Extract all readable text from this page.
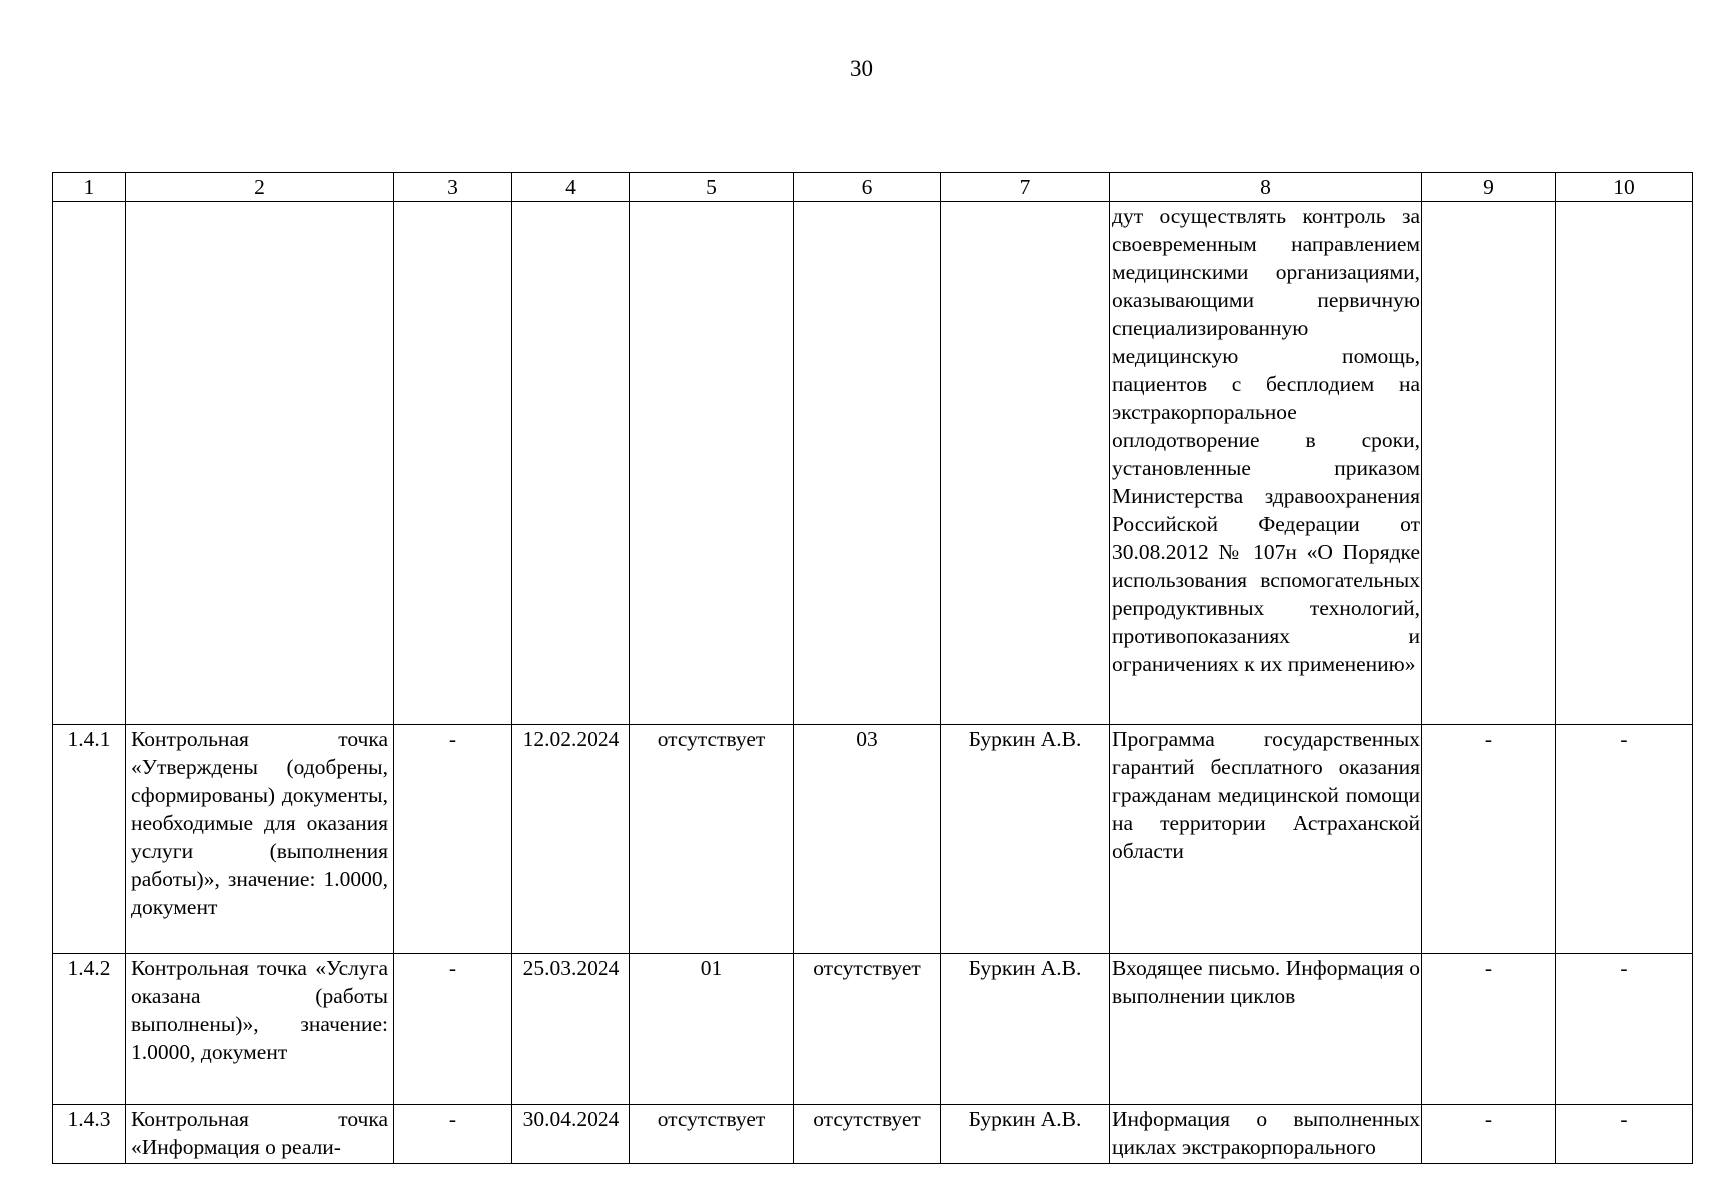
30
1	2	3	4	5	6	7	8	9	10
							дут осуществлять контроль за своевременным направлением медицинскими организациями, оказывающими первичную специализированную медицинскую помощь, пациентов с бесплодием на экстракорпоральное оплодотворение в сроки, установленные приказом Министерства здравоохранения Российской Федерации от 30.08.2012 № 107н «О Порядке использования вспомогательных репродуктивных технологий, противопоказаниях и ограничениях к их применению»		
1.4.1	Контрольная точка «Утверждены (одобрены, сформированы) документы, необходимые для оказания услуги (выполнения работы)», значение: 1.0000, документ	-	12.02.2024	отсутствует	03	Буркин А.В.	Программа государственных гарантий бесплатного оказания гражданам медицинской помощи на территории Астраханской области	-	-
1.4.2	Контрольная точка «Услуга оказана (работы выполнены)», значение: 1.0000, документ	-	25.03.2024	01	отсутствует	Буркин А.В.	Входящее письмо. Информация о выполнении циклов	-	-
1.4.3	Контрольная точка «Информация о реали-	-	30.04.2024	отсутствует	отсутствует	Буркин А.В.	Информация о выполненных циклах экстракорпорального	-	-
